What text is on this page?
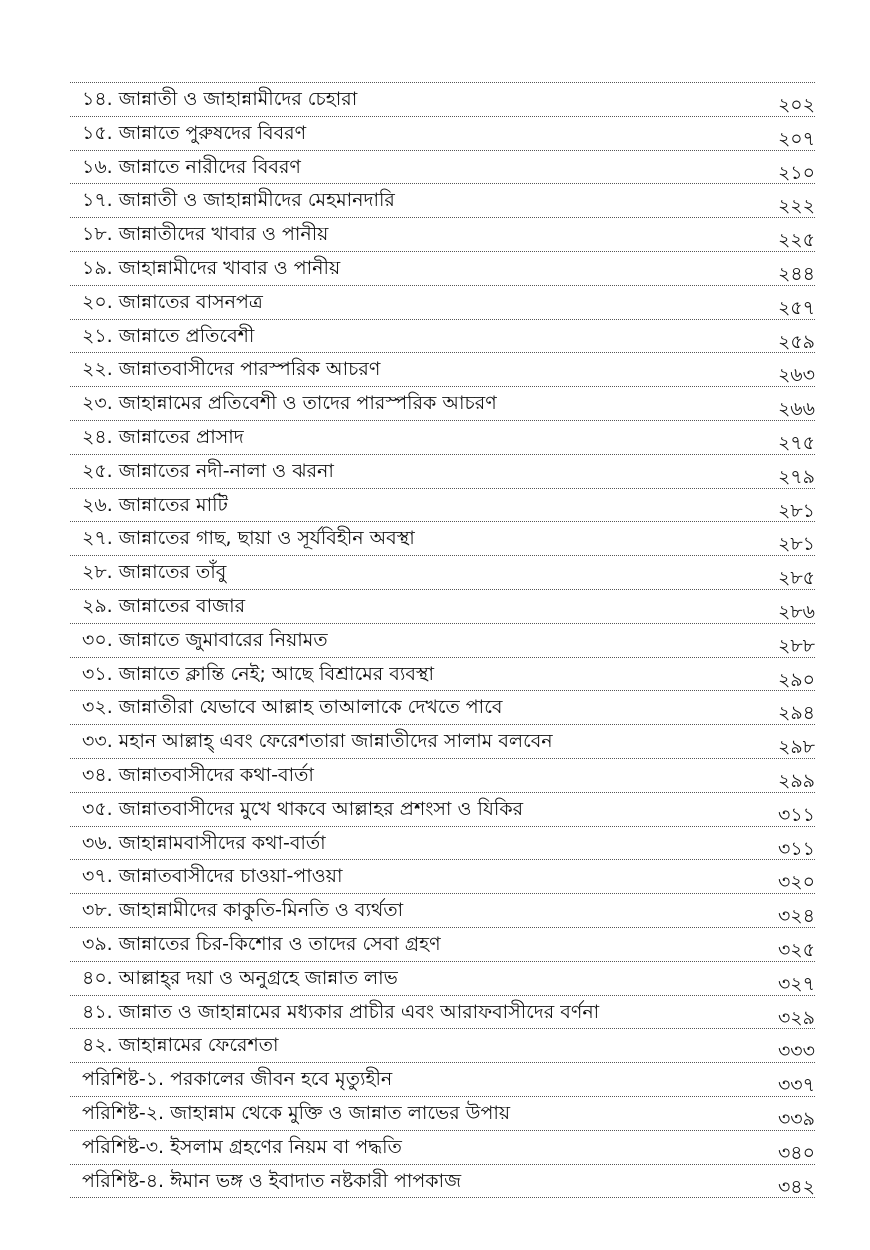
১৪. জান্নাতী ও জাহান্নামীদের চেহারা	২০২
১৫. জান্নাতে পুরুষদের বিবরণ	২০৭
১৬. জান্নাতে নারীদের বিবরণ	২১০
১৭. জান্নাতী ও জাহান্নামীদের মেহমানদারি	২২২
১৮. জান্নাতীদের খাবার ও পানীয়	২২৫
১৯. জাহান্নামীদের খাবার ও পানীয়	২৪৪
২০. জান্নাতের বাসনপত্র	২৫৭
২১. জান্নাতে প্রতিবেশী	২৫৯
২২. জান্নাতবাসীদের পারস্পরিক আচরণ	২৬৩
২৩. জাহান্নামের প্রতিবেশী ও তাদের পারস্পরিক আচরণ	২৬৬
২৪. জান্নাতের প্রাসাদ	২৭৫
২৫. জান্নাতের নদী-নালা ও ঝরনা	২৭৯
২৬. জান্নাতের মাটি	২৮১
২৭. জান্নাতের গাছ, ছায়া ও সূর্যবিহীন অবস্থা	২৮১
২৮. জান্নাতের তাঁবু	২৮৫
২৯. জান্নাতের বাজার	২৮৬
৩০. জান্নাতে জুমাবারের নিয়ামত	২৮৮
৩১. জান্নাতে ক্লান্তি নেই; আছে বিশ্রামের ব্যবস্থা	২৯০
৩২. জান্নাতীরা যেভাবে আল্লাহ তাআলাকে দেখতে পাবে	২৯৪
৩৩. মহান আল্লাহ্‌ এবং ফেরেশতারা জান্নাতীদের সালাম বলবেন	২৯৮
৩৪. জান্নাতবাসীদের কথা-বার্তা	২৯৯
৩৫. জান্নাতবাসীদের মুখে থাকবে আল্লাহর প্রশংসা ও যিকির	৩১১
৩৬. জাহান্নামবাসীদের কথা-বার্তা	৩১১
৩৭. জান্নাতবাসীদের চাওয়া-পাওয়া	৩২০
৩৮. জাহান্নামীদের কাকুতি-মিনতি ও ব্যর্থতা	৩২৪
৩৯. জান্নাতের চির-কিশোর ও তাদের সেবা গ্রহণ	৩২৫
৪০. আল্লাহ্‌র দয়া ও অনুগ্রহে জান্নাত লাভ	৩২৭
৪১. জান্নাত ও জাহান্নামের মধ্যকার প্রাচীর এবং আরাফবাসীদের বর্ণনা	৩২৯
৪২. জাহান্নামের ফেরেশতা	৩৩৩
পরিশিষ্ট-১. পরকালের জীবন হবে মৃত্যুহীন	৩৩৭
পরিশিষ্ট-২. জাহান্নাম থেকে মুক্তি ও জান্নাত লাভের উপায়	৩৩৯
পরিশিষ্ট-৩. ইসলাম গ্রহণের নিয়ম বা পদ্ধতি	৩৪০
পরিশিষ্ট-৪. ঈমান ভঙ্গ ও ইবাদাত নষ্টকারী পাপকাজ	৩৪২
